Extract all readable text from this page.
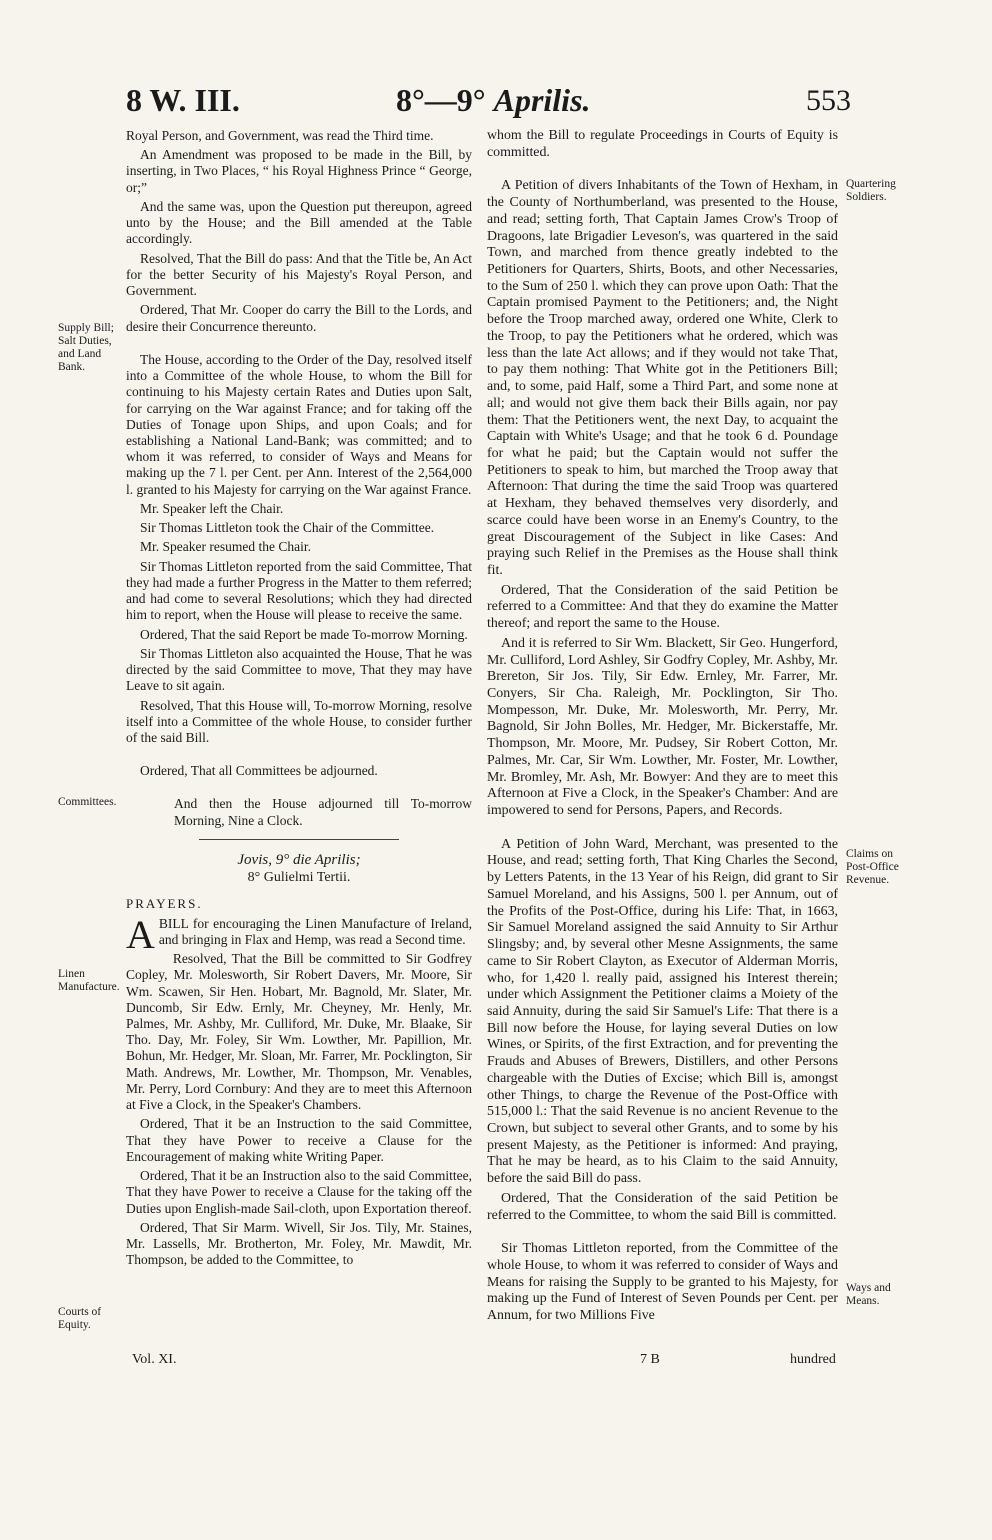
8 W. III.	8°—9° Aprilis.	553
Supply Bill; Salt Duties, and Land Bank.
Committees.
Linen Manufacture.
Courts of Equity.
Quartering Soldiers.
Claims on Post-Office Revenue.
Ways and Means.

Royal Person, and Government, was read the Third time.

An Amendment was proposed to be made in the Bill, by inserting, in Two Places, “ his Royal Highness Prince “ George, or;”

And the same was, upon the Question put thereupon, agreed unto by the House; and the Bill amended at the Table accordingly.

Resolved, That the Bill do pass: And that the Title be, An Act for the better Security of his Majesty's Royal Person, and Government.

Ordered, That Mr. Cooper do carry the Bill to the Lords, and desire their Concurrence thereunto.

The House, according to the Order of the Day, resolved itself into a Committee of the whole House, to whom the Bill for continuing to his Majesty certain Rates and Duties upon Salt, for carrying on the War against France; and for taking off the Duties of Tonage upon Ships, and upon Coals; and for establishing a National Land-Bank; was committed; and to whom it was referred, to consider of Ways and Means for making up the 7 l. per Cent. per Ann. Interest of the 2,564,000 l. granted to his Majesty for carrying on the War against France.

Mr. Speaker left the Chair.

Sir Thomas Littleton took the Chair of the Committee.

Mr. Speaker resumed the Chair.

Sir Thomas Littleton reported from the said Committee, That they had made a further Progress in the Matter to them referred; and had come to several Resolutions; which they had directed him to report, when the House will please to receive the same.

Ordered, That the said Report be made To-morrow Morning.

Sir Thomas Littleton also acquainted the House, That he was directed by the said Committee to move, That they may have Leave to sit again.

Resolved, That this House will, To-morrow Morning, resolve itself into a Committee of the whole House, to consider further of the said Bill.

Ordered, That all Committees be adjourned.

And then the House adjourned till To-morrow Morning, Nine a Clock.

Jovis, 9° die Aprilis;
8° Gulielmi Tertii.

PRAYERS.

ABILL for encouraging the Linen Manufacture of Ireland, and bringing in Flax and Hemp, was read a Second time.

Resolved, That the Bill be committed to Sir Godfrey Copley, Mr. Molesworth, Sir Robert Davers, Mr. Moore, Sir Wm. Scawen, Sir Hen. Hobart, Mr. Bagnold, Mr. Slater, Mr. Duncomb, Sir Edw. Ernly, Mr. Cheyney, Mr. Henly, Mr. Palmes, Mr. Ashby, Mr. Culliford, Mr. Duke, Mr. Blaake, Sir Tho. Day, Mr. Foley, Sir Wm. Lowther, Mr. Papillion, Mr. Bohun, Mr. Hedger, Mr. Sloan, Mr. Farrer, Mr. Pocklington, Sir Math. Andrews, Mr. Lowther, Mr. Thompson, Mr. Venables, Mr. Perry, Lord Cornbury: And they are to meet this Afternoon at Five a Clock, in the Speaker's Chambers.

Ordered, That it be an Instruction to the said Committee, That they have Power to receive a Clause for the Encouragement of making white Writing Paper.

Ordered, That it be an Instruction also to the said Committee, That they have Power to receive a Clause for the taking off the Duties upon English-made Sail-cloth, upon Exportation thereof.

Ordered, That Sir Marm. Wivell, Sir Jos. Tily, Mr. Staines, Mr. Lassells, Mr. Brotherton, Mr. Foley, Mr. Mawdit, Mr. Thompson, be added to the Committee, to

whom the Bill to regulate Proceedings in Courts of Equity is committed.

A Petition of divers Inhabitants of the Town of Hexham, in the County of Northumberland, was presented to the House, and read; setting forth, That Captain James Crow's Troop of Dragoons, late Brigadier Leveson's, was quartered in the said Town, and marched from thence greatly indebted to the Petitioners for Quarters, Shirts, Boots, and other Necessaries, to the Sum of 250 l. which they can prove upon Oath: That the Captain promised Payment to the Petitioners; and, the Night before the Troop marched away, ordered one White, Clerk to the Troop, to pay the Petitioners what he ordered, which was less than the late Act allows; and if they would not take That, to pay them nothing: That White got in the Petitioners Bill; and, to some, paid Half, some a Third Part, and some none at all; and would not give them back their Bills again, nor pay them: That the Petitioners went, the next Day, to acquaint the Captain with White's Usage; and that he took 6 d. Poundage for what he paid; but the Captain would not suffer the Petitioners to speak to him, but marched the Troop away that Afternoon: That during the time the said Troop was quartered at Hexham, they behaved themselves very disorderly, and scarce could have been worse in an Enemy's Country, to the great Discouragement of the Subject in like Cases: And praying such Relief in the Premises as the House shall think fit.

Ordered, That the Consideration of the said Petition be referred to a Committee: And that they do examine the Matter thereof; and report the same to the House.

And it is referred to Sir Wm. Blackett, Sir Geo. Hungerford, Mr. Culliford, Lord Ashley, Sir Godfry Copley, Mr. Ashby, Mr. Brereton, Sir Jos. Tily, Sir Edw. Ernley, Mr. Farrer, Mr. Conyers, Sir Cha. Raleigh, Mr. Pocklington, Sir Tho. Mompesson, Mr. Duke, Mr. Molesworth, Mr. Perry, Mr. Bagnold, Sir John Bolles, Mr. Hedger, Mr. Bickerstaffe, Mr. Thompson, Mr. Moore, Mr. Pudsey, Sir Robert Cotton, Mr. Palmes, Mr. Car, Sir Wm. Lowther, Mr. Foster, Mr. Lowther, Mr. Bromley, Mr. Ash, Mr. Bowyer: And they are to meet this Afternoon at Five a Clock, in the Speaker's Chamber: And are impowered to send for Persons, Papers, and Records.

A Petition of John Ward, Merchant, was presented to the House, and read; setting forth, That King Charles the Second, by Letters Patents, in the 13 Year of his Reign, did grant to Sir Samuel Moreland, and his Assigns, 500 l. per Annum, out of the Profits of the Post-Office, during his Life: That, in 1663, Sir Samuel Moreland assigned the said Annuity to Sir Arthur Slingsby; and, by several other Mesne Assignments, the same came to Sir Robert Clayton, as Executor of Alderman Morris, who, for 1,420 l. really paid, assigned his Interest therein; under which Assignment the Petitioner claims a Moiety of the said Annuity, during the said Sir Samuel's Life: That there is a Bill now before the House, for laying several Duties on low Wines, or Spirits, of the first Extraction, and for preventing the Frauds and Abuses of Brewers, Distillers, and other Persons chargeable with the Duties of Excise; which Bill is, amongst other Things, to charge the Revenue of the Post-Office with 515,000 l.: That the said Revenue is no ancient Revenue to the Crown, but subject to several other Grants, and to some by his present Majesty, as the Petitioner is informed: And praying, That he may be heard, as to his Claim to the said Annuity, before the said Bill do pass.

Ordered, That the Consideration of the said Petition be referred to the Committee, to whom the said Bill is committed.

Sir Thomas Littleton reported, from the Committee of the whole House, to whom it was referred to consider of Ways and Means for raising the Supply to be granted to his Majesty, for making up the Fund of Interest of Seven Pounds per Cent. per Annum, for two Millions Five

Vol. XI.	7 B	hundred
